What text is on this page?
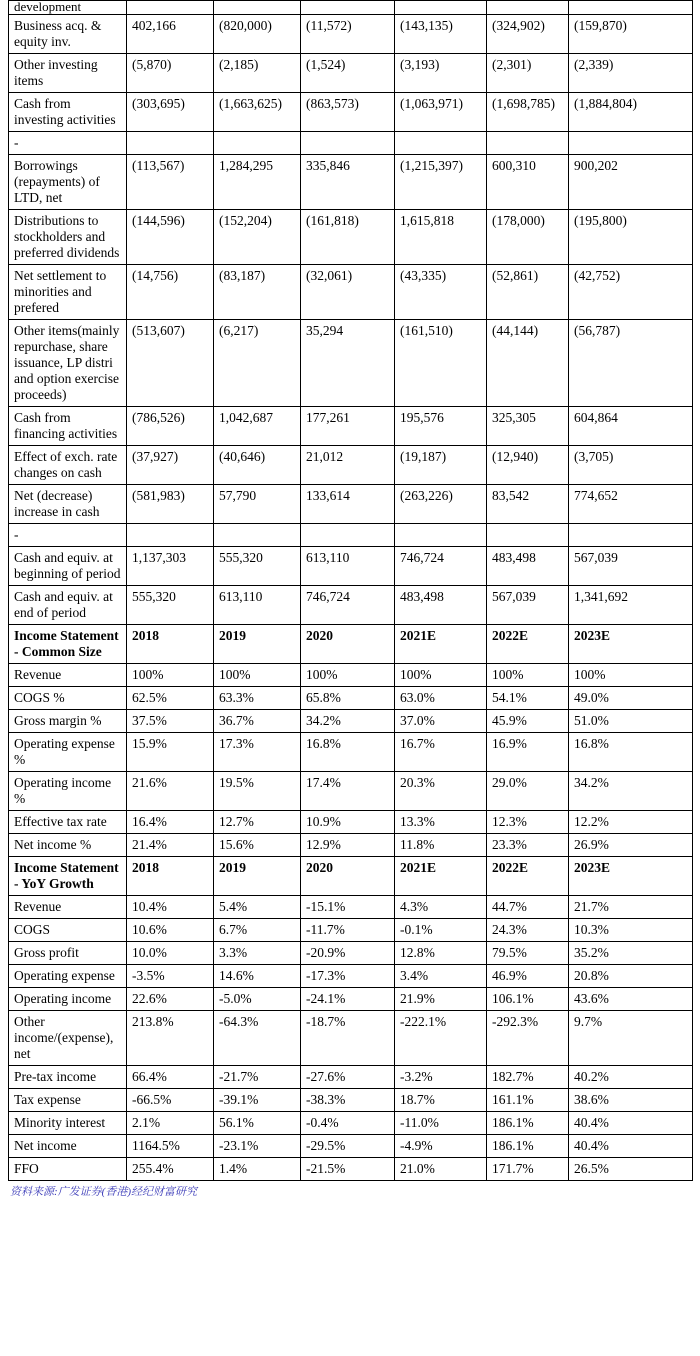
development						
Business acq. & equity inv.	402,166	(820,000)	(11,572)	(143,135)	(324,902)	(159,870)
Other investing items	(5,870)	(2,185)	(1,524)	(3,193)	(2,301)	(2,339)
Cash from investing activities	(303,695)	(1,663,625)	(863,573)	(1,063,971)	(1,698,785)	(1,884,804)
-						
Borrowings (repayments) of LTD, net	(113,567)	1,284,295	335,846	(1,215,397)	600,310	900,202
Distributions to stockholders and preferred dividends	(144,596)	(152,204)	(161,818)	1,615,818	(178,000)	(195,800)
Net settlement to minorities and prefered	(14,756)	(83,187)	(32,061)	(43,335)	(52,861)	(42,752)
Other items(mainly repurchase, share issuance, LP distri and option exercise proceeds)	(513,607)	(6,217)	35,294	(161,510)	(44,144)	(56,787)
Cash from financing activities	(786,526)	1,042,687	177,261	195,576	325,305	604,864
Effect of exch. rate changes on cash	(37,927)	(40,646)	21,012	(19,187)	(12,940)	(3,705)
Net (decrease) increase in cash	(581,983)	57,790	133,614	(263,226)	83,542	774,652
-						
Cash and equiv. at beginning of period	1,137,303	555,320	613,110	746,724	483,498	567,039
Cash and equiv. at end of period	555,320	613,110	746,724	483,498	567,039	1,341,692
Income Statement - Common Size	2018	2019	2020	2021E	2022E	2023E
Revenue	100%	100%	100%	100%	100%	100%
COGS %	62.5%	63.3%	65.8%	63.0%	54.1%	49.0%
Gross margin %	37.5%	36.7%	34.2%	37.0%	45.9%	51.0%
Operating expense %	15.9%	17.3%	16.8%	16.7%	16.9%	16.8%
Operating income %	21.6%	19.5%	17.4%	20.3%	29.0%	34.2%
Effective tax rate	16.4%	12.7%	10.9%	13.3%	12.3%	12.2%
Net income %	21.4%	15.6%	12.9%	11.8%	23.3%	26.9%
Income Statement - YoY Growth	2018	2019	2020	2021E	2022E	2023E
Revenue	10.4%	5.4%	-15.1%	4.3%	44.7%	21.7%
COGS	10.6%	6.7%	-11.7%	-0.1%	24.3%	10.3%
Gross profit	10.0%	3.3%	-20.9%	12.8%	79.5%	35.2%
Operating expense	-3.5%	14.6%	-17.3%	3.4%	46.9%	20.8%
Operating income	22.6%	-5.0%	-24.1%	21.9%	106.1%	43.6%
Other income/(expense), net	213.8%	-64.3%	-18.7%	-222.1%	-292.3%	9.7%
Pre-tax income	66.4%	-21.7%	-27.6%	-3.2%	182.7%	40.2%
Tax expense	-66.5%	-39.1%	-38.3%	18.7%	161.1%	38.6%
Minority interest	2.1%	56.1%	-0.4%	-11.0%	186.1%	40.4%
Net income	1164.5%	-23.1%	-29.5%	-4.9%	186.1%	40.4%
FFO	255.4%	1.4%	-21.5%	21.0%	171.7%	26.5%
资料来源:广发证券(香港)经纪财富研究
